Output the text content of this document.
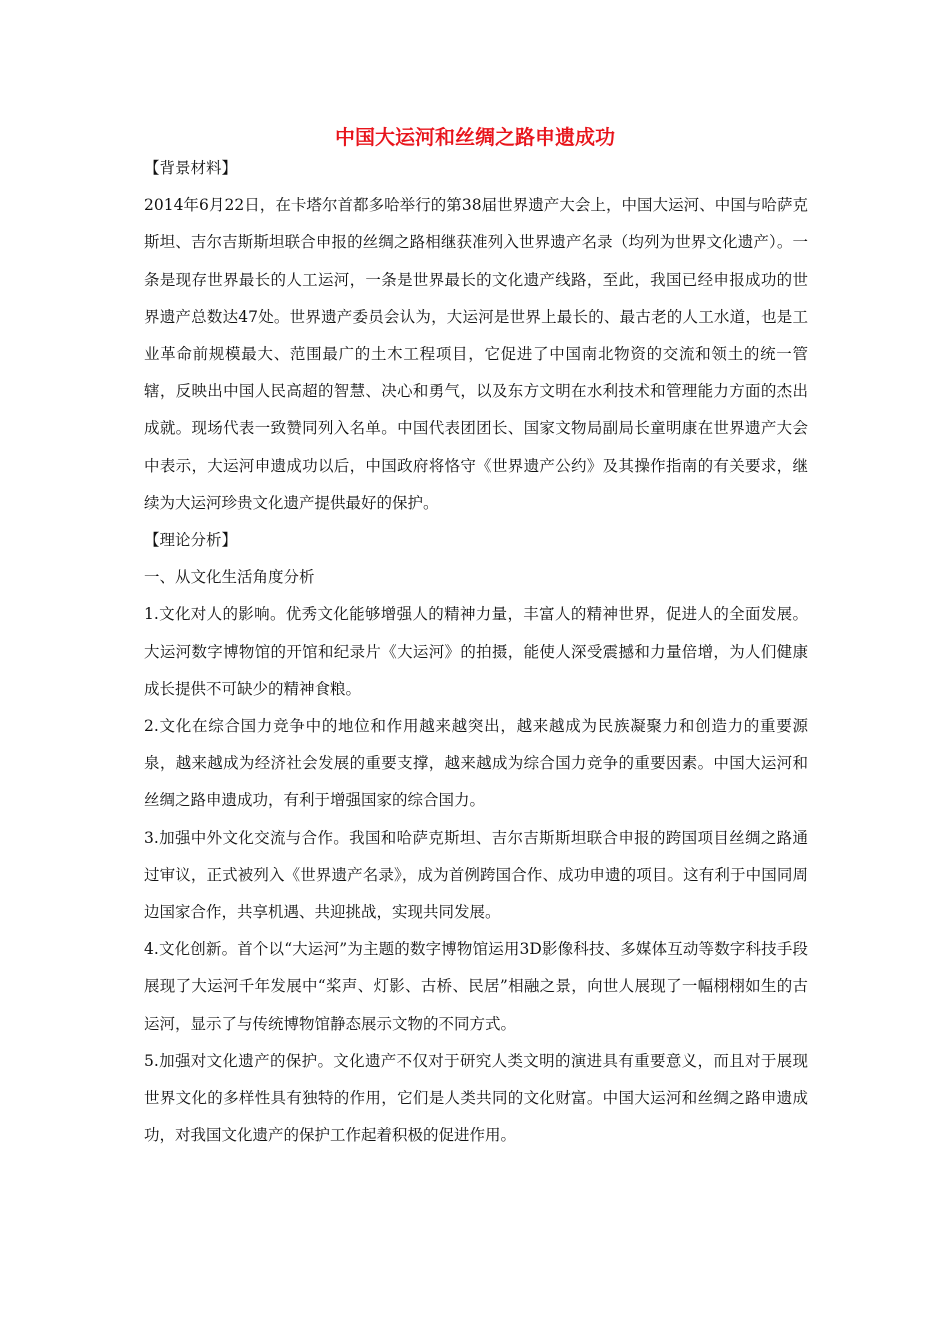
中国大运河和丝绸之路申遗成功

【背景材料】

2014年6月22日，在卡塔尔首都多哈举行的第38届世界遗产大会上，中国大运河、中国与哈萨克斯坦、吉尔吉斯斯坦联合申报的丝绸之路相继获准列入世界遗产名录（均列为世界文化遗产）。一条是现存世界最长的人工运河，一条是世界最长的文化遗产线路，至此，我国已经申报成功的世界遗产总数达47处。世界遗产委员会认为，大运河是世界上最长的、最古老的人工水道，也是工业革命前规模最大、范围最广的土木工程项目，它促进了中国南北物资的交流和领土的统一管辖，反映出中国人民高超的智慧、决心和勇气，以及东方文明在水利技术和管理能力方面的杰出成就。现场代表一致赞同列入名单。中国代表团团长、国家文物局副局长童明康在世界遗产大会中表示，大运河申遗成功以后，中国政府将恪守《世界遗产公约》及其操作指南的有关要求，继续为大运河珍贵文化遗产提供最好的保护。

【理论分析】

一、从文化生活角度分析

1.文化对人的影响。优秀文化能够增强人的精神力量，丰富人的精神世界，促进人的全面发展。大运河数字博物馆的开馆和纪录片《大运河》的拍摄，能使人深受震撼和力量倍增，为人们健康成长提供不可缺少的精神食粮。

2.文化在综合国力竞争中的地位和作用越来越突出，越来越成为民族凝聚力和创造力的重要源泉，越来越成为经济社会发展的重要支撑，越来越成为综合国力竞争的重要因素。中国大运河和丝绸之路申遗成功，有利于增强国家的综合国力。

3.加强中外文化交流与合作。我国和哈萨克斯坦、吉尔吉斯斯坦联合申报的跨国项目丝绸之路通过审议，正式被列入《世界遗产名录》，成为首例跨国合作、成功申遗的项目。这有利于中国同周边国家合作，共享机遇、共迎挑战，实现共同发展。

4.文化创新。首个以“大运河”为主题的数字博物馆运用3D影像科技、多媒体互动等数字科技手段展现了大运河千年发展中“桨声、灯影、古桥、民居”相融之景，向世人展现了一幅栩栩如生的古运河，显示了与传统博物馆静态展示文物的不同方式。

5.加强对文化遗产的保护。文化遗产不仅对于研究人类文明的演进具有重要意义，而且对于展现世界文化的多样性具有独特的作用，它们是人类共同的文化财富。中国大运河和丝绸之路申遗成功，对我国文化遗产的保护工作起着积极的促进作用。
